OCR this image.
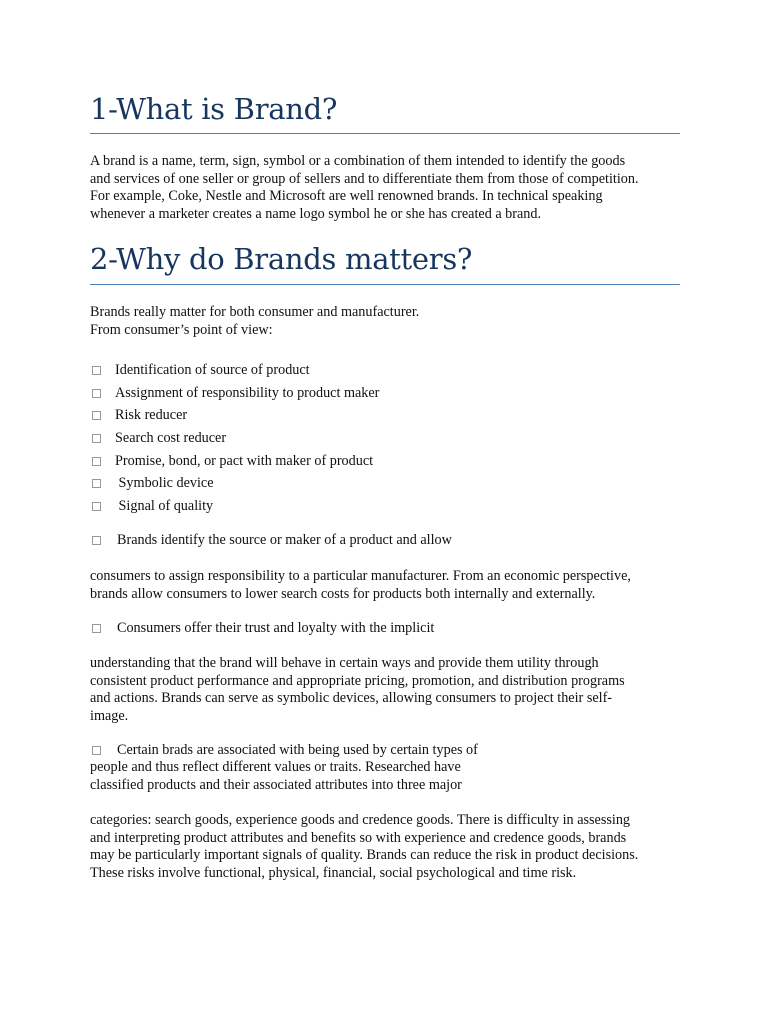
1-What is Brand?
A brand is a name, term, sign, symbol or a combination of them intended to identify the goods
and services of one seller or group of sellers and to differentiate them from those of competition.
For example, Coke, Nestle and Microsoft are well renowned brands. In technical speaking
whenever a marketer creates a name logo symbol he or she has created a brand.
2-Why do Brands matters?
Brands really matter for both consumer and manufacturer.
From consumer’s point of view:
Identification of source of product
Assignment of responsibility to product maker
Risk reducer
Search cost reducer
Promise, bond, or pact with maker of product
Symbolic device
Signal of quality
Brands identify the source or maker of a product and allow
consumers to assign responsibility to a particular manufacturer. From an economic perspective,
brands allow consumers to lower search costs for products both internally and externally.
Consumers offer their trust and loyalty with the implicit
understanding that the brand will behave in certain ways and provide them utility through
consistent product performance and appropriate pricing, promotion, and distribution programs
and actions. Brands can serve as symbolic devices, allowing consumers to project their self-
image.
Certain brads are associated with being used by certain types of
people and thus reflect different values or traits. Researched have
classified products and their associated attributes into three major
categories: search goods, experience goods and credence goods. There is difficulty in assessing
and interpreting product attributes and benefits so with experience and credence goods, brands
may be particularly important signals of quality. Brands can reduce the risk in product decisions.
These risks involve functional, physical, financial, social psychological and time risk.
